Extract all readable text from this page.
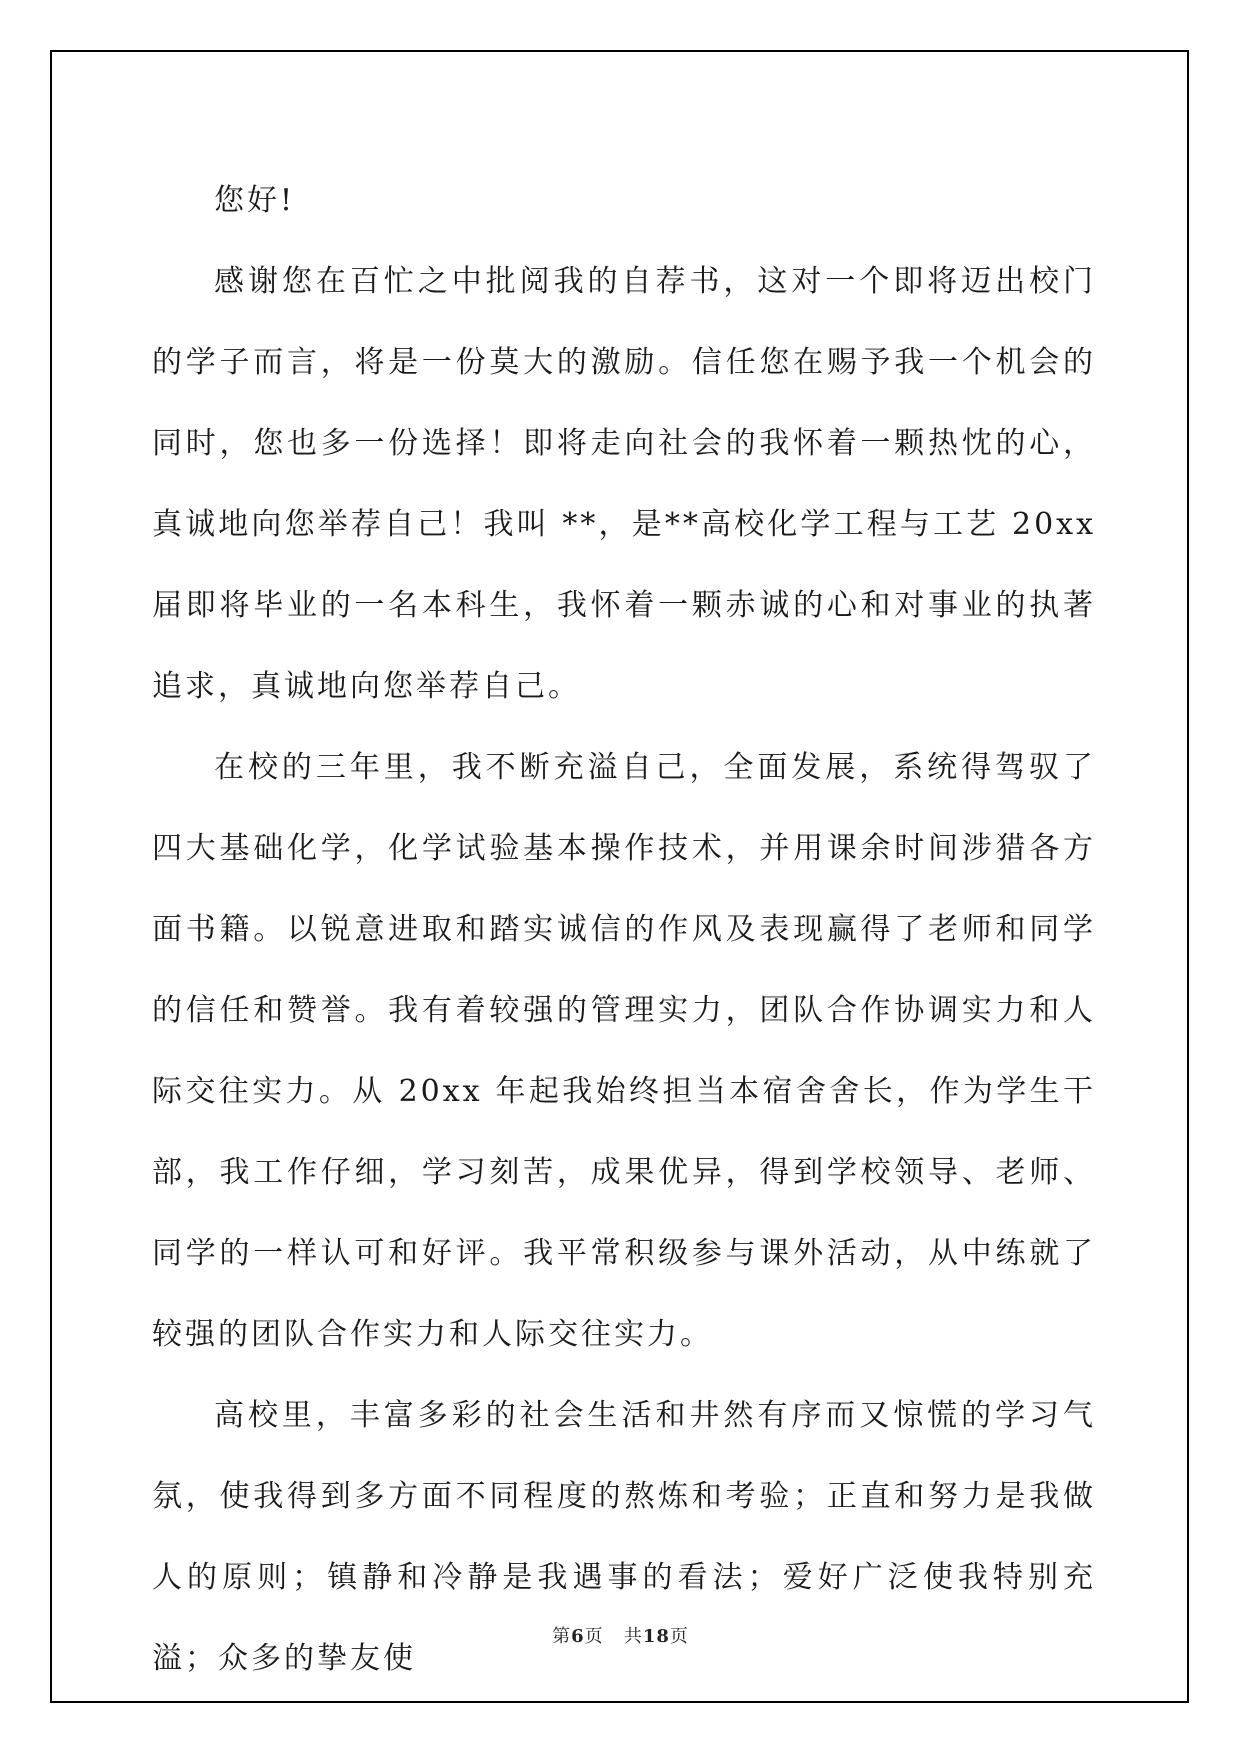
您好!

感谢您在百忙之中批阅我的自荐书，这对一个即将迈出校门的学子而言，将是一份莫大的激励。信任您在赐予我一个机会的同时，您也多一份选择！即将走向社会的我怀着一颗热忱的心，真诚地向您举荐自己！我叫 **，是**高校化学工程与工艺 20xx 届即将毕业的一名本科生，我怀着一颗赤诚的心和对事业的执著追求，真诚地向您举荐自己。

在校的三年里，我不断充溢自己，全面发展，系统得驾驭了四大基础化学，化学试验基本操作技术，并用课余时间涉猎各方面书籍。以锐意进取和踏实诚信的作风及表现赢得了老师和同学的信任和赞誉。我有着较强的管理实力，团队合作协调实力和人际交往实力。从 20xx 年起我始终担当本宿舍舍长，作为学生干部，我工作仔细，学习刻苦，成果优异，得到学校领导、老师、同学的一样认可和好评。我平常积级参与课外活动，从中练就了较强的团队合作实力和人际交往实力。

高校里，丰富多彩的社会生活和井然有序而又惊慌的学习气氛，使我得到多方面不同程度的熬炼和考验；正直和努力是我做人的原则；镇静和冷静是我遇事的看法；爱好广泛使我特别充溢；众多的挚友使

第6页 共18页
